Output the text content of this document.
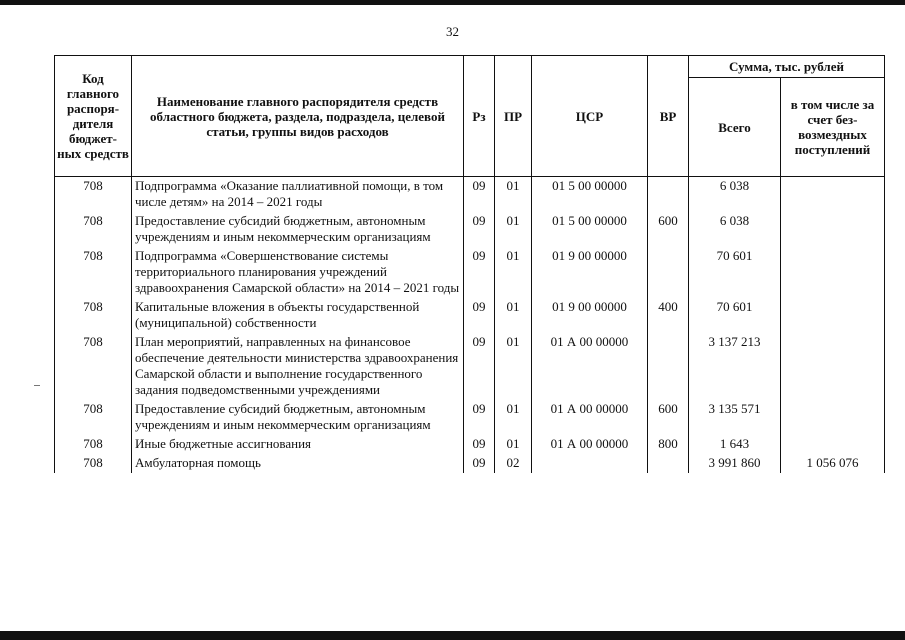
32
Код главного распоря-дителя бюджет-ных средств	Наименование главного распорядителя средств областного бюджета, раздела, подраздела, целевой статьи, группы видов расходов	Рз	ПР	ЦСР	ВР	Сумма, тыс. рублей	
						Всего	в том числе за счет без-возмездных поступлений
708	Подпрограмма «Оказание паллиативной помощи, в том числе детям» на 2014 – 2021 годы	09	01	01 5 00 00000		6 038	
708	Предоставление субсидий бюджетным, автономным учреждениям и иным некоммерческим организациям	09	01	01 5 00 00000	600	6 038	
708	Подпрограмма «Совершенствование системы территориального планирования учреждений здравоохранения Самарской области» на 2014 – 2021 годы	09	01	01 9 00 00000		70 601	
708	Капитальные вложения в объекты государственной (муниципальной) собственности	09	01	01 9 00 00000	400	70 601	
708	План мероприятий, направленных на финансовое обеспечение деятельности министерства здравоохранения Самарской области и выполнение государственного задания подведомственными учреждениями	09	01	01 А 00 00000		3 137 213	
708	Предоставление субсидий бюджетным, автономным учреждениям и иным некоммерческим организациям	09	01	01 А 00 00000	600	3 135 571	
708	Иные бюджетные ассигнования	09	01	01 А 00 00000	800	1 643	
708	Амбулаторная помощь	09	02			3 991 860	1 056 076
